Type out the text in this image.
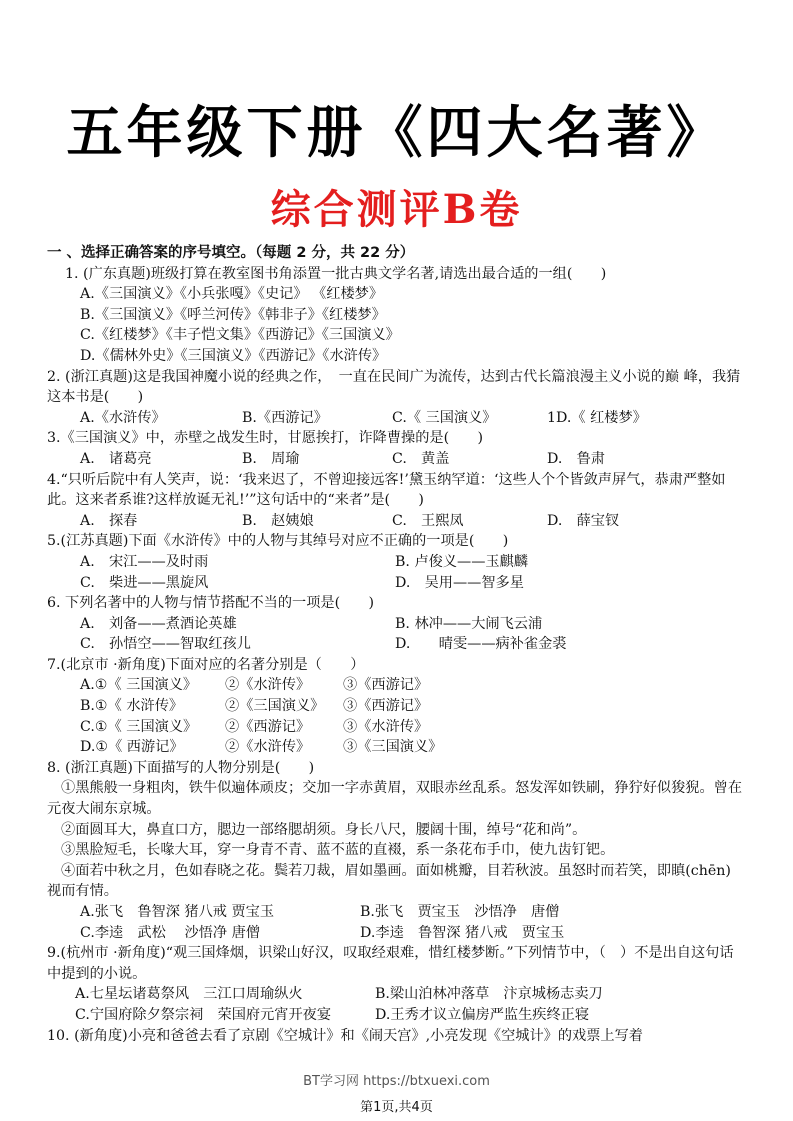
五年级下册《四大名著》
综合测评B卷
一 、选择正确答案的序号填空。（每题 2 分，共 22 分）
1. (广东真题)班级打算在教室图书角添置一批古典文学名著,请选出最合适的一组(　　)
A.《三国演义》《小兵张嘎》《史记》 《红楼梦》
B.《三国演义》《呼兰河传》《韩非子》《红楼梦》
C.《红楼梦》《丰子恺文集》《西游记》《三国演义》
D.《儒林外史》《三国演义》《西游记》《水浒传》
2. (浙江真题)这是我国神魔小说的经典之作，　一直在民间广为流传，达到古代长篇浪漫主义小说的巅 峰，我猜这本书是(　　)
A.《水浒传》	B.《西游记》	C.《 三国演义》	1D.《 红楼梦》
3.《三国演义》中，赤壁之战发生时，甘愿挨打，诈降曹操的是(　　)
A.　诸葛亮	B.　周瑜	C.　黄盖	D.　鲁肃
4.“只听后院中有人笑声，说：‘我来迟了，不曾迎接远客!’黛玉纳罕道：‘这些人个个皆敛声屏气，恭肃严整如此。这来者系谁?这样放诞无礼!’”这句话中的“来者”是(　　)
A.　探春	B.　赵姨娘	C.　王熙凤	D.　薛宝钗
5.(江苏真题)下面《水浒传》中的人物与其绰号对应不正确的一项是(　　)
A.　宋江——及时雨	B. 卢俊义——玉麒麟
C.　柴进——黑旋风	D.　吴用——智多星
6. 下列名著中的人物与情节搭配不当的一项是(　　)
A.　刘备——煮酒论英雄	B. 林冲——大闹飞云浦
C.　孙悟空——智取红孩儿	D.　　晴雯——病补雀金裘
7.(北京市 ·新角度)下面对应的名著分别是（　　）
A.①《 三国演义》	②《水浒传》	③《西游记》
B.①《 水浒传》	②《三国演义》	③《西游记》
C.①《 三国演义》	②《西游记》	③《水浒传》
D.①《 西游记》	②《水浒传》	③《三国演义》
8. (浙江真题)下面描写的人物分别是(　　)
①黑熊般一身粗肉，铁牛似遍体顽皮；交加一字赤黄眉，双眼赤丝乱系。怒发浑如铁刷，狰狞好似狻猊。曾在元夜大闹东京城。
②面圆耳大，鼻直口方，腮边一部络腮胡须。身长八尺，腰阔十围，绰号“花和尚”。
③黑脸短毛，长喙大耳，穿一身青不青、蓝不蓝的直裰，系一条花布手巾，使九齿钉钯。
④面若中秋之月，色如春晓之花。鬓若刀裁，眉如墨画。面如桃瓣，目若秋波。虽怒时而若笑，即瞋(chēn) 视而有情。
A.张飞　鲁智深 猪八戒 贾宝玉	B.张飞　贾宝玉　沙悟净　唐僧
C.李逵　武松　 沙悟净 唐僧	D.李逵　鲁智深 猪八戒　贾宝玉
9.(杭州市 ·新角度)“观三国烽烟，识梁山好汉，叹取经艰难，惜红楼梦断。”下列情节中，（　）不是出自这句话中提到的小说。
A.七星坛诸葛祭风　三江口周瑜纵火	B.梁山泊林冲落草　汴京城杨志卖刀
C.宁国府除夕祭宗祠　荣国府元宵开夜宴	D.王秀才议立偏房严监生疾终正寝
10. (新角度)小亮和爸爸去看了京剧《空城计》和《闹天宫》,小亮发现《空城计》的戏票上写着
BT学习网 https://btxuexi.com
第1页,共4页
